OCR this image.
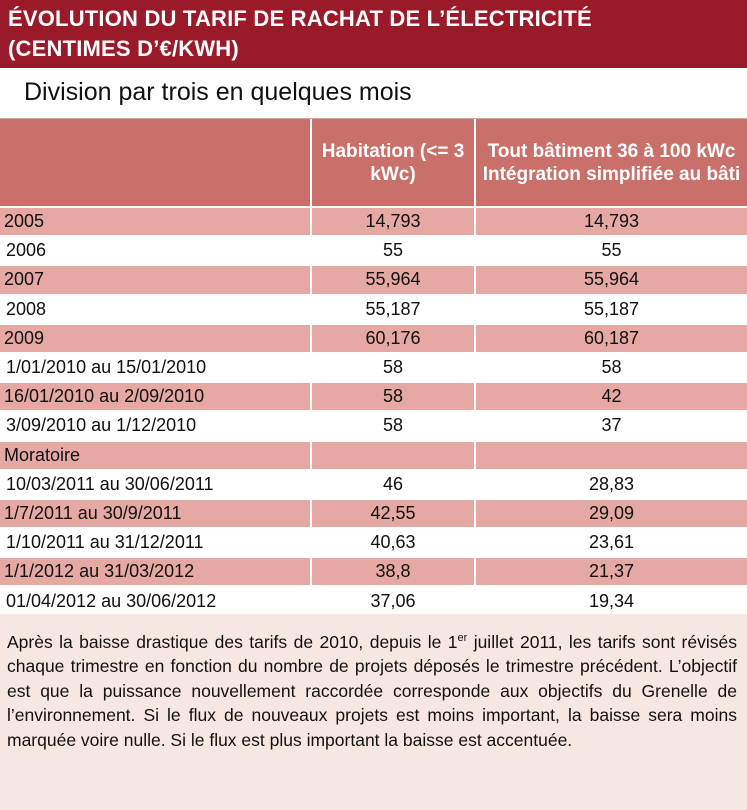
ÉVOLUTION DU TARIF DE RACHAT DE L’ÉLECTRICITÉ
(CENTIMES D’€/KWH)
Division par trois en quelques mois
	Habitation (<= 3 kWc)	Tout bâtiment 36 à 100 kWc Intégration simplifiée au bâti
2005	14,793	14,793
2006	55	55
2007	55,964	55,964
2008	55,187	55,187
2009	60,176	60,187
1/01/2010 au 15/01/2010	58	58
16/01/2010 au 2/09/2010	58	42
3/09/2010 au 1/12/2010	58	37
Moratoire		
10/03/2011 au 30/06/2011	46	28,83
1/7/2011 au 30/9/2011	42,55	29,09
1/10/2011 au 31/12/2011	40,63	23,61
1/1/2012 au 31/03/2012	38,8	21,37
01/04/2012 au 30/06/2012	37,06	19,34
Après la baisse drastique des tarifs de 2010, depuis le 1er juillet 2011, les tarifs sont révisés chaque trimestre en fonction du nombre de projets déposés le trimestre précédent. L’objectif est que la puissance nouvellement raccordée corresponde aux objectifs du Grenelle de l’environnement. Si le flux de nouveaux projets est moins important, la baisse sera moins marquée voire nulle. Si le flux est plus important la baisse est accentuée.
